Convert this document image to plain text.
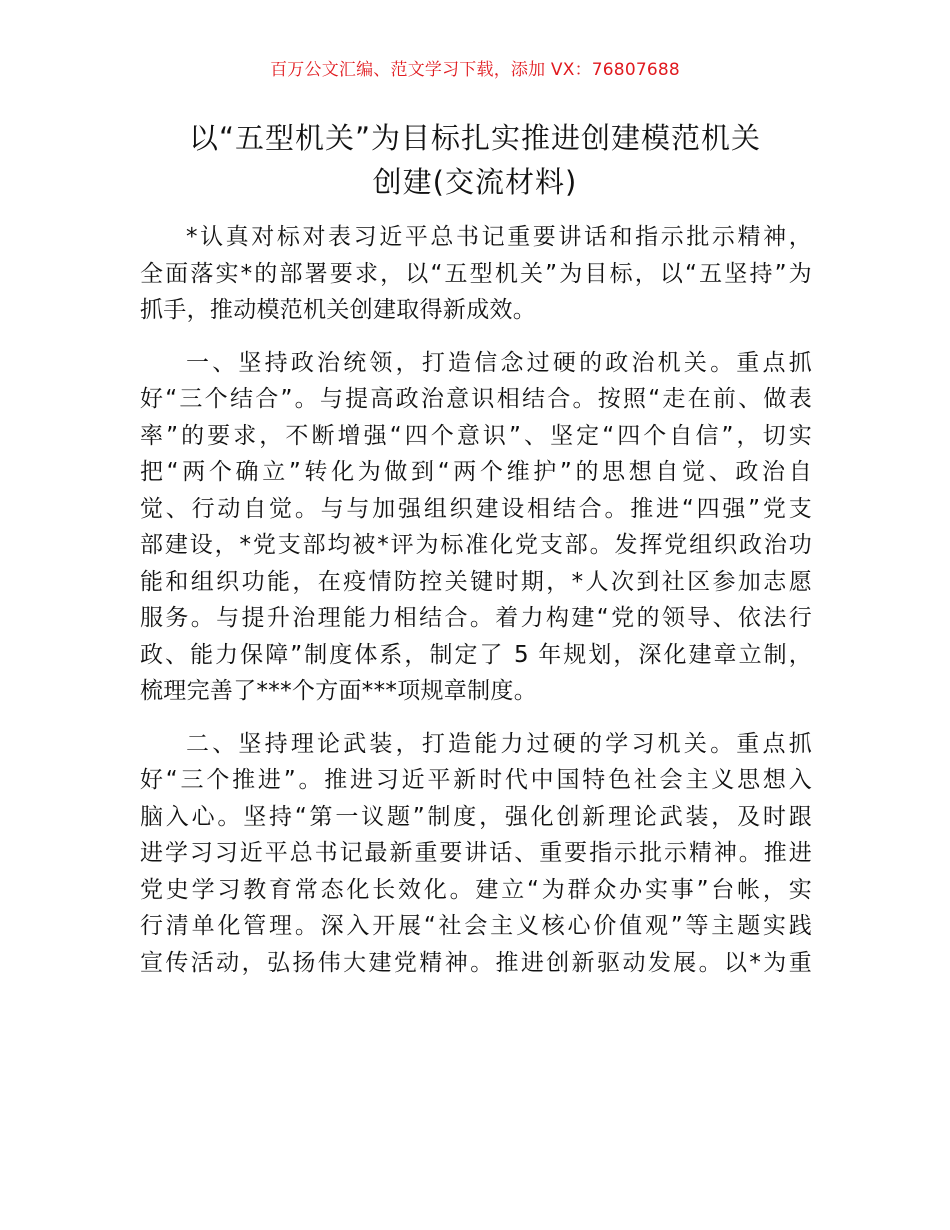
百万公文汇编、范文学习下载，添加 VX：76807688
以“五型机关”为目标扎实推进创建模范机关
创建(交流材料)

*认真对标对表习近平总书记重要讲话和指示批示精神，
全面落实*的部署要求，以“五型机关”为目标，以“五坚持”为
抓手，推动模范机关创建取得新成效。

一、坚持政治统领，打造信念过硬的政治机关。重点抓
好“三个结合”。与提高政治意识相结合。按照“走在前、做表
率”的要求，不断增强“四个意识”、坚定“四个自信”，切实
把“两个确立”转化为做到“两个维护”的思想自觉、政治自
觉、行动自觉。与与加强组织建设相结合。推进“四强”党支
部建设，*党支部均被*评为标准化党支部。发挥党组织政治功
能和组织功能，在疫情防控关键时期，*人次到社区参加志愿
服务。与提升治理能力相结合。着力构建“党的领导、依法行
政、能力保障”制度体系，制定了 5 年规划，深化建章立制，
梳理完善了***个方面***项规章制度。

二、坚持理论武装，打造能力过硬的学习机关。重点抓
好“三个推进”。推进习近平新时代中国特色社会主义思想入
脑入心。坚持“第一议题”制度，强化创新理论武装，及时跟
进学习习近平总书记最新重要讲话、重要指示批示精神。推进
党史学习教育常态化长效化。建立“为群众办实事”台帐，实
行清单化管理。深入开展“社会主义核心价值观”等主题实践
宣传活动，弘扬伟大建党精神。推进创新驱动发展。以*为重
